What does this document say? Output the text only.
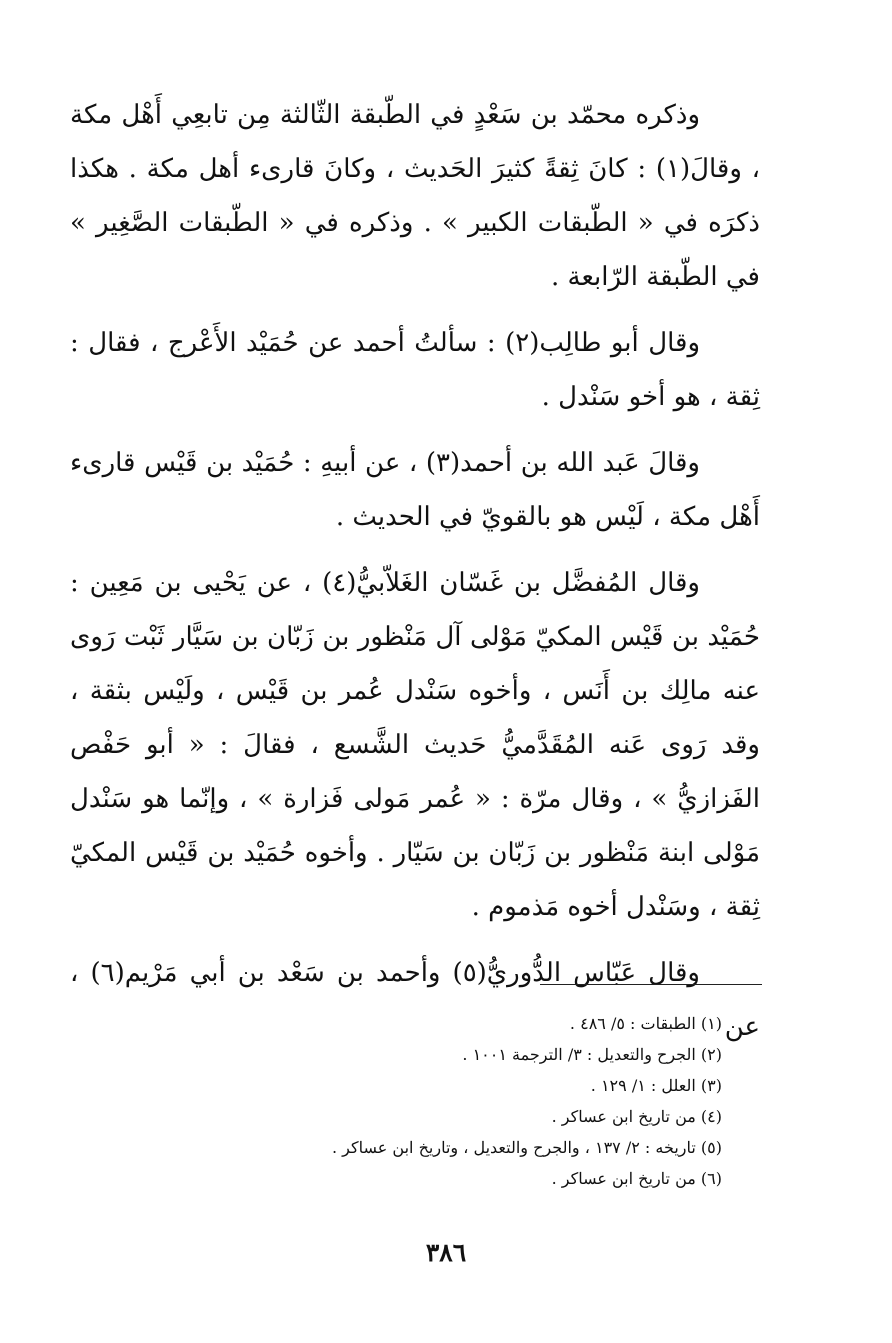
وذكره محمّد بن سَعْدٍ في الطّبقة الثّالثة مِن تابعِي أَهْل مكة ، وقالَ(١) : كانَ ثِقةً كثيرَ الحَديث ، وكانَ قارىء أهل مكة . هكذا ذكرَه في « الطّبقات الكبير » . وذكره في « الطّبقات الصَّغِير » في الطّبقة الرّابعة .

وقال أبو طالِب(٢) : سألتُ أحمد عن حُمَيْد الأَعْرج ، فقال : ثِقة ، هو أخو سَنْدل .

وقالَ عَبد الله بن أحمد(٣) ، عن أبيهِ : حُمَيْد بن قَيْس قارىء أَهْل مكة ، لَيْس هو بالقويّ في الحديث .

وقال المُفضَّل بن غَسّان الغَلاّبيُّ(٤) ، عن يَحْيى بن مَعِين : حُمَيْد بن قَيْس المكيّ مَوْلى آل مَنْظور بن زَبّان بن سَيَّار ثَبْت رَوى عنه مالِك بن أَنَس ، وأخوه سَنْدل عُمر بن قَيْس ، ولَيْس بثقة ، وقد رَوى عَنه المُقَدَّميُّ حَديث الشَّسع ، فقالَ : « أبو حَفْص الفَزازيُّ » ، وقال مرّة : « عُمر مَولى فَزارة » ، وإنّما هو سَنْدل مَوْلى ابنة مَنْظور بن زَبّان بن سَيّار . وأخوه حُمَيْد بن قَيْس المكيّ ثِقة ، وسَنْدل أخوه مَذموم .

وقال عَبّاس الدُّوريُّ(٥) وأحمد بن سَعْد بن أبي مَرْيم(٦) ، عن

(١) الطبقات : ٥/ ٤٨٦ .

(٢) الجرح والتعديل : ٣/ الترجمة ١٠٠١ .

(٣) العلل : ١/ ١٢٩ .

(٤) من تاريخ ابن عساكر .

(٥) تاريخه : ٢/ ١٣٧ ، والجرح والتعديل ، وتاريخ ابن عساكر .

(٦) من تاريخ ابن عساكر .

٣٨٦
